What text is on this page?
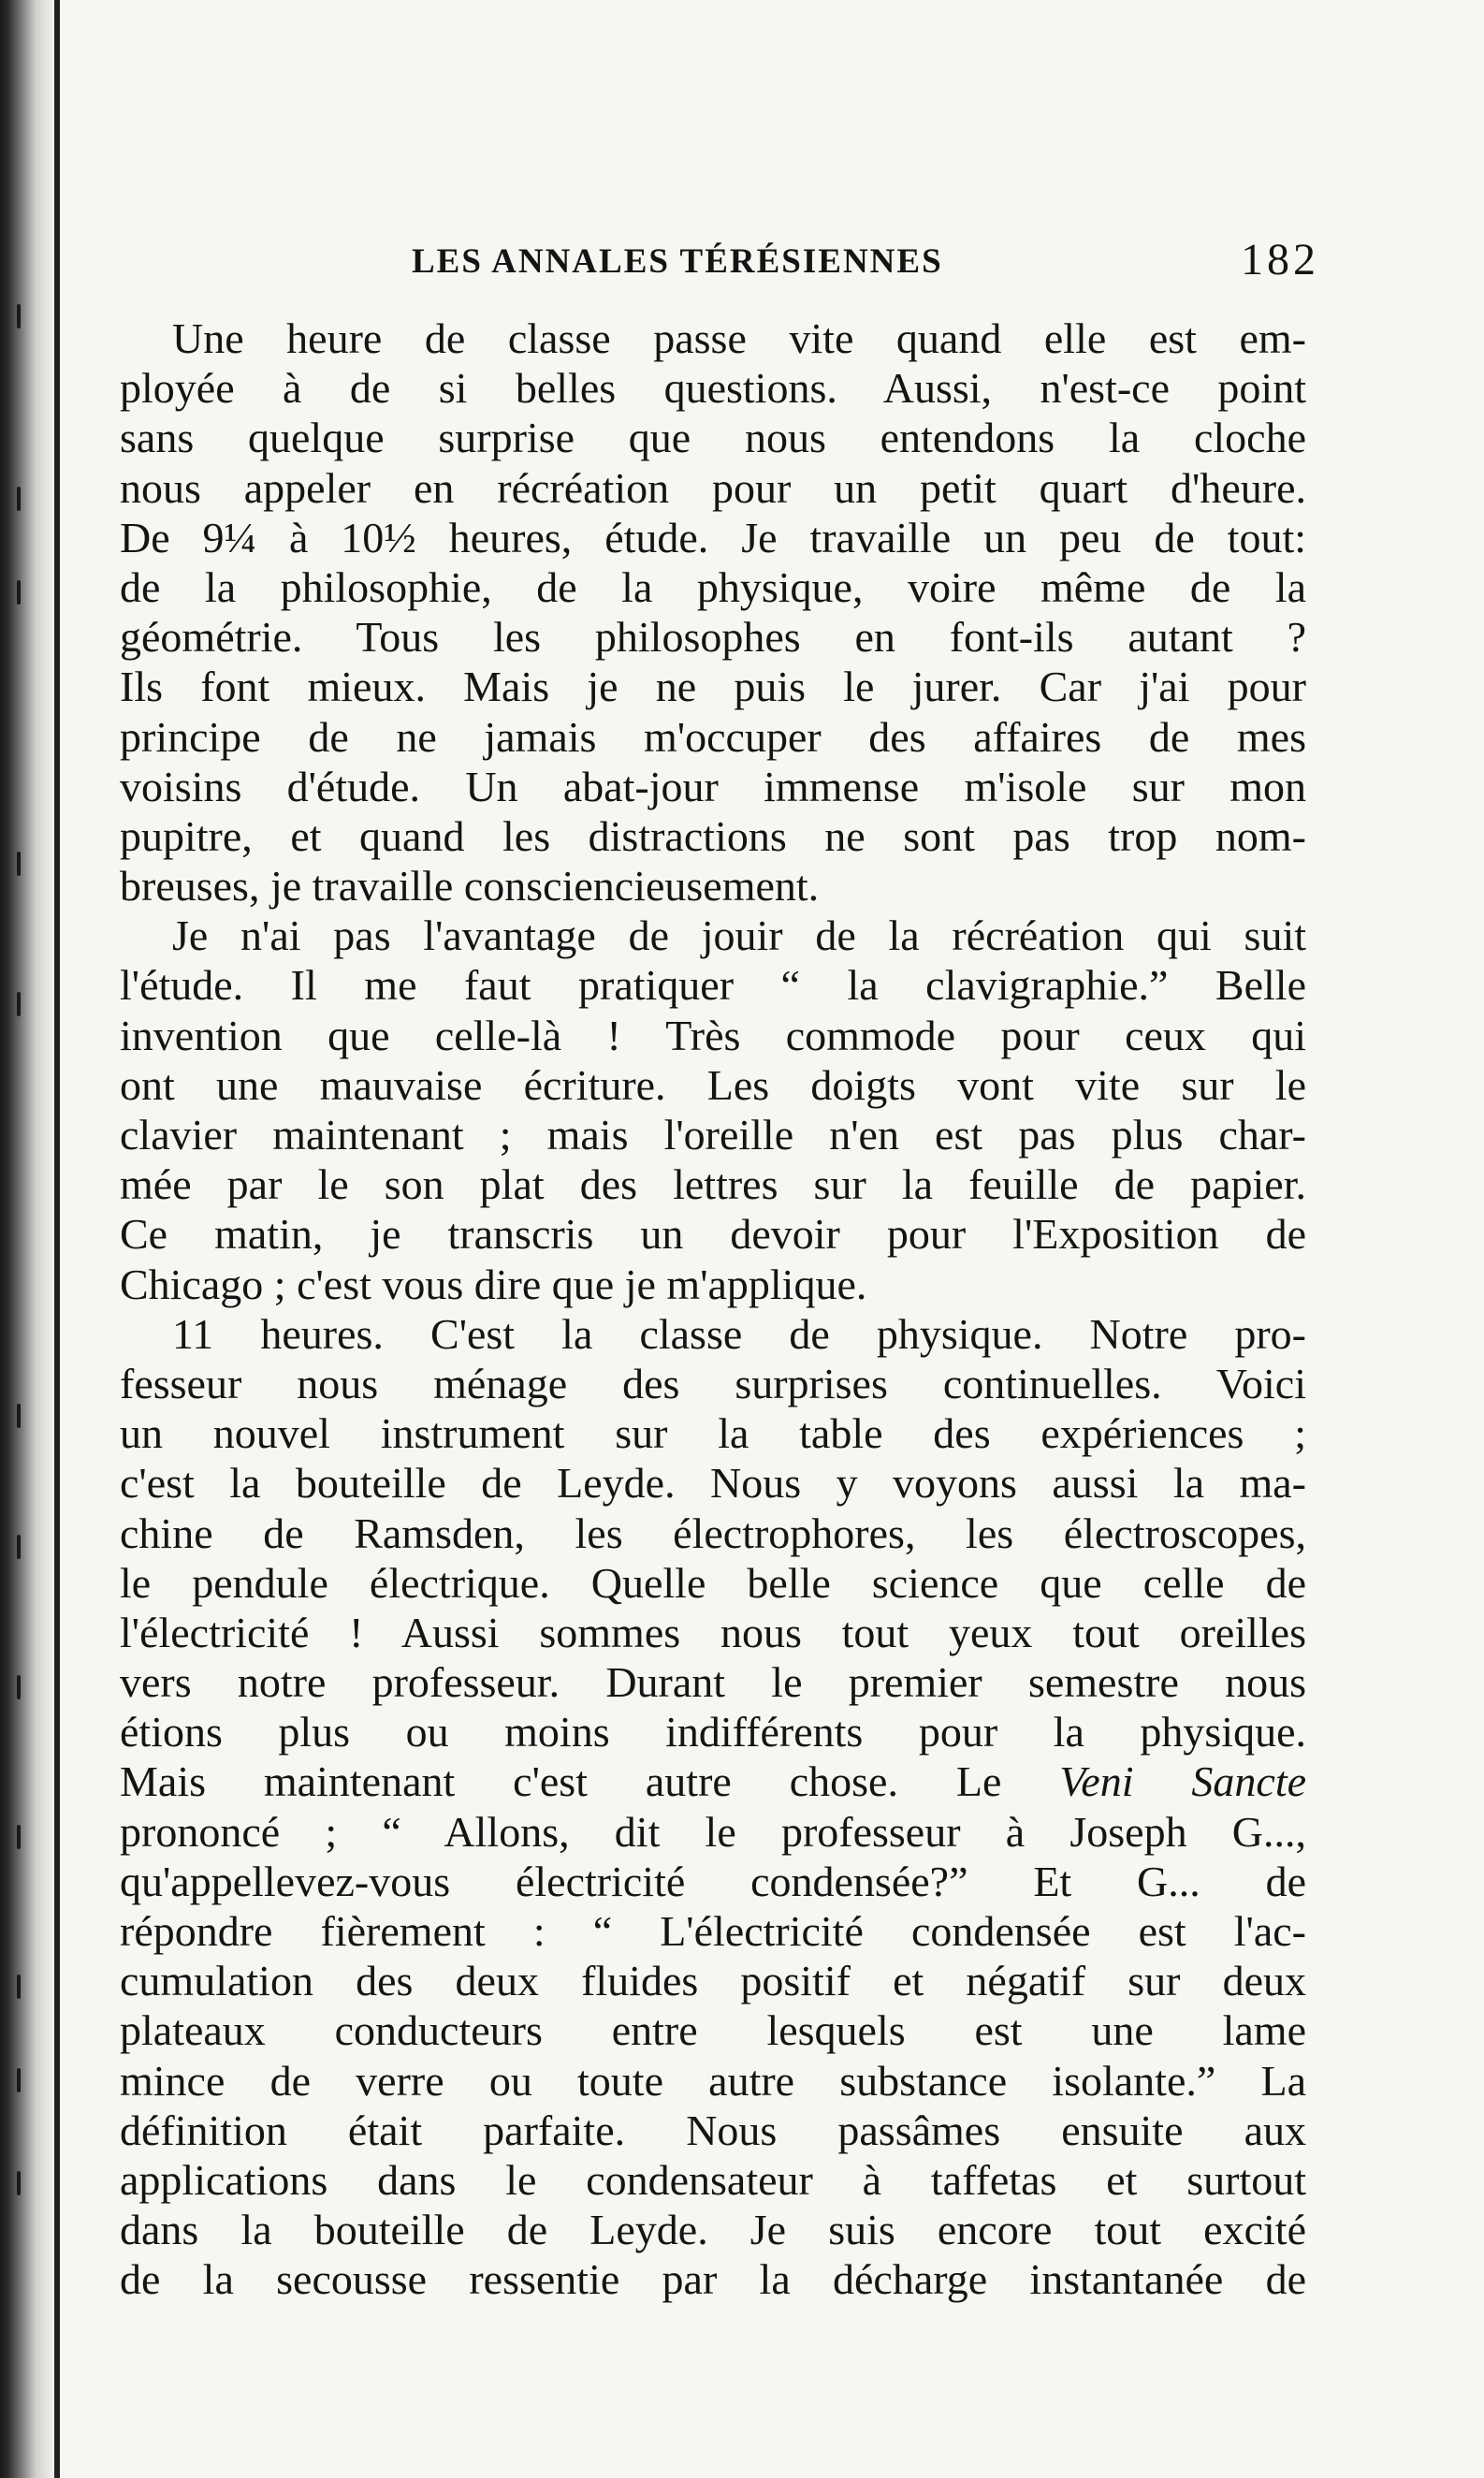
LES ANNALES TÉRÉSIENNES	182
Une heure de classe passe vite quand elle est em-
ployée à de si belles questions. Aussi, n'est-ce point
sans quelque surprise que nous entendons la cloche
nous appeler en récréation pour un petit quart d'heure.
De 9¼ à 10½ heures, étude. Je travaille un peu de tout:
de la philosophie, de la physique, voire même de la
géométrie. Tous les philosophes en font-ils autant ?
Ils font mieux. Mais je ne puis le jurer. Car j'ai pour
principe de ne jamais m'occuper des affaires de mes
voisins d'étude. Un abat-jour immense m'isole sur mon
pupitre, et quand les distractions ne sont pas trop nom-
breuses, je travaille consciencieusement.
Je n'ai pas l'avantage de jouir de la récréation qui suit
l'étude. Il me faut pratiquer “ la clavigraphie.” Belle
invention que celle-là ! Très commode pour ceux qui
ont une mauvaise écriture. Les doigts vont vite sur le
clavier maintenant ; mais l'oreille n'en est pas plus char-
mée par le son plat des lettres sur la feuille de papier.
Ce matin, je transcris un devoir pour l'Exposition de
Chicago ; c'est vous dire que je m'applique.
11 heures. C'est la classe de physique. Notre pro-
fesseur nous ménage des surprises continuelles. Voici
un nouvel instrument sur la table des expériences ;
c'est la bouteille de Leyde. Nous y voyons aussi la ma-
chine de Ramsden, les électrophores, les électroscopes,
le pendule électrique. Quelle belle science que celle de
l'électricité ! Aussi sommes nous tout yeux tout oreilles
vers notre professeur. Durant le premier semestre nous
étions plus ou moins indifférents pour la physique.
Mais maintenant c'est autre chose. Le Veni Sancte
prononcé ; “ Allons, dit le professeur à Joseph G...,
qu'appellevez-vous électricité condensée?” Et G... de
répondre fièrement : “ L'électricité condensée est l'ac-
cumulation des deux fluides positif et négatif sur deux
plateaux conducteurs entre lesquels est une lame
mince de verre ou toute autre substance isolante.” La
définition était parfaite. Nous passâmes ensuite aux
applications dans le condensateur à taffetas et surtout
dans la bouteille de Leyde. Je suis encore tout excité
de la secousse ressentie par la décharge instantanée de
